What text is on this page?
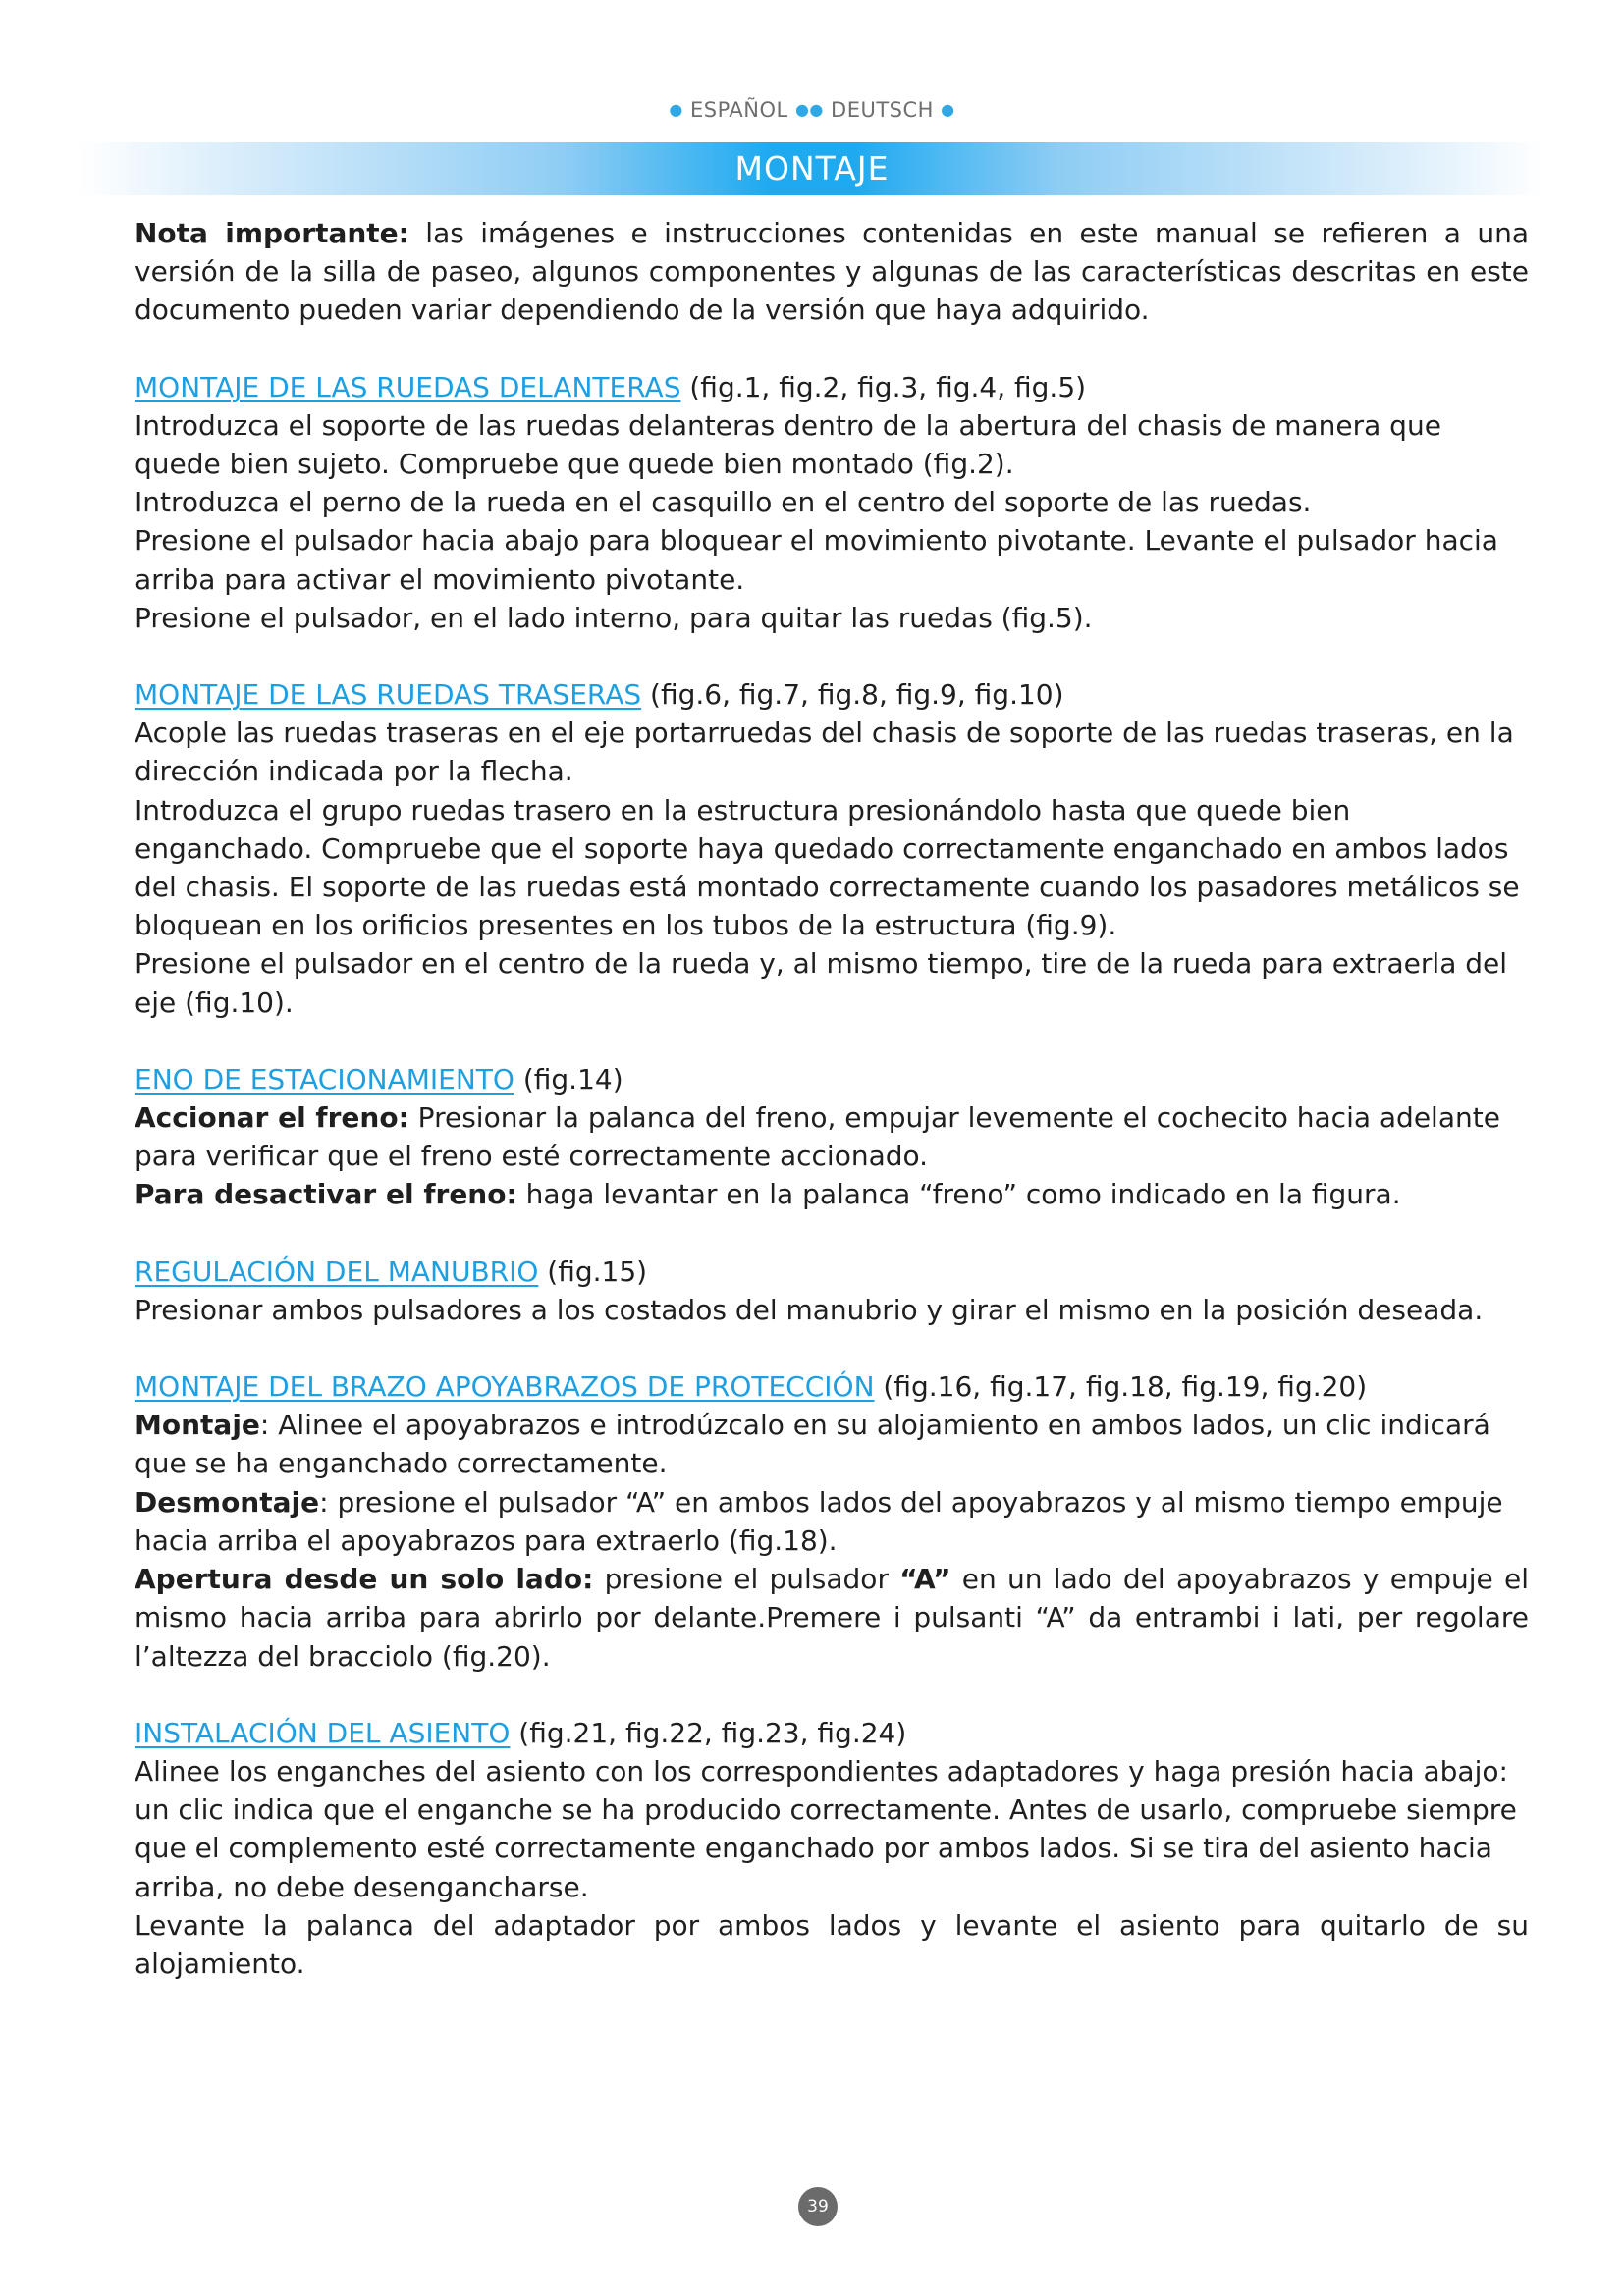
● ESPAÑOL ●● DEUTSCH ●
MONTAJE

Nota importante: las imágenes e instrucciones contenidas en este manual se refieren a una versión de la silla de paseo, algunos componentes y algunas de las características descritas en este documento pueden variar dependiendo de la versión que haya adquirido.

MONTAJE DE LAS RUEDAS DELANTERAS (fig.1, fig.2, fig.3, fig.4, fig.5)

Introduzca el soporte de las ruedas delanteras dentro de la abertura del chasis de manera que quede bien sujeto. Compruebe que quede bien montado (fig.2).

Introduzca el perno de la rueda en el casquillo en el centro del soporte de las ruedas.

Presione el pulsador hacia abajo para bloquear el movimiento pivotante. Levante el pulsador hacia arriba para activar el movimiento pivotante.

Presione el pulsador, en el lado interno, para quitar las ruedas (fig.5).

MONTAJE DE LAS RUEDAS TRASERAS (fig.6, fig.7, fig.8, fig.9, fig.10)

Acople las ruedas traseras en el eje portarruedas del chasis de soporte de las ruedas traseras, en la dirección indicada por la flecha.

Introduzca el grupo ruedas trasero en la estructura presionándolo hasta que quede bien enganchado. Compruebe que el soporte haya quedado correctamente enganchado en ambos lados del chasis. El soporte de las ruedas está montado correctamente cuando los pasadores metálicos se bloquean en los orificios presentes en los tubos de la estructura (fig.9).

Presione el pulsador en el centro de la rueda y, al mismo tiempo, tire de la rueda para extraerla del eje (fig.10).

ENO DE ESTACIONAMIENTO (fig.14)

Accionar el freno: Presionar la palanca del freno, empujar levemente el cochecito hacia adelante para verificar que el freno esté correctamente accionado.

Para desactivar el freno: haga levantar en la palanca “freno” como indicado en la figura.

REGULACIÓN DEL MANUBRIO (fig.15)

Presionar ambos pulsadores a los costados del manubrio y girar el mismo en la posición deseada.

MONTAJE DEL BRAZO APOYABRAZOS DE PROTECCIÓN (fig.16, fig.17, fig.18, fig.19, fig.20)

Montaje: Alinee el apoyabrazos e introdúzcalo en su alojamiento en ambos lados, un clic indicará que se ha enganchado correctamente.

Desmontaje: presione el pulsador “A” en ambos lados del apoyabrazos y al mismo tiempo empuje hacia arriba el apoyabrazos para extraerlo (fig.18).

Apertura desde un solo lado: presione el pulsador “A” en un lado del apoyabrazos y empuje el mismo hacia arriba para abrirlo por delante.Premere i pulsanti “A” da entrambi i lati, per regolare l’altezza del bracciolo (fig.20).

INSTALACIÓN DEL ASIENTO (fig.21, fig.22, fig.23, fig.24)

Alinee los enganches del asiento con los correspondientes adaptadores y haga presión hacia abajo: un clic indica que el enganche se ha producido correctamente. Antes de usarlo, compruebe siempre que el complemento esté correctamente enganchado por ambos lados. Si se tira del asiento hacia arriba, no debe desengancharse.

Levante la palanca del adaptador por ambos lados y levante el asiento para quitarlo de su alojamiento.

39
